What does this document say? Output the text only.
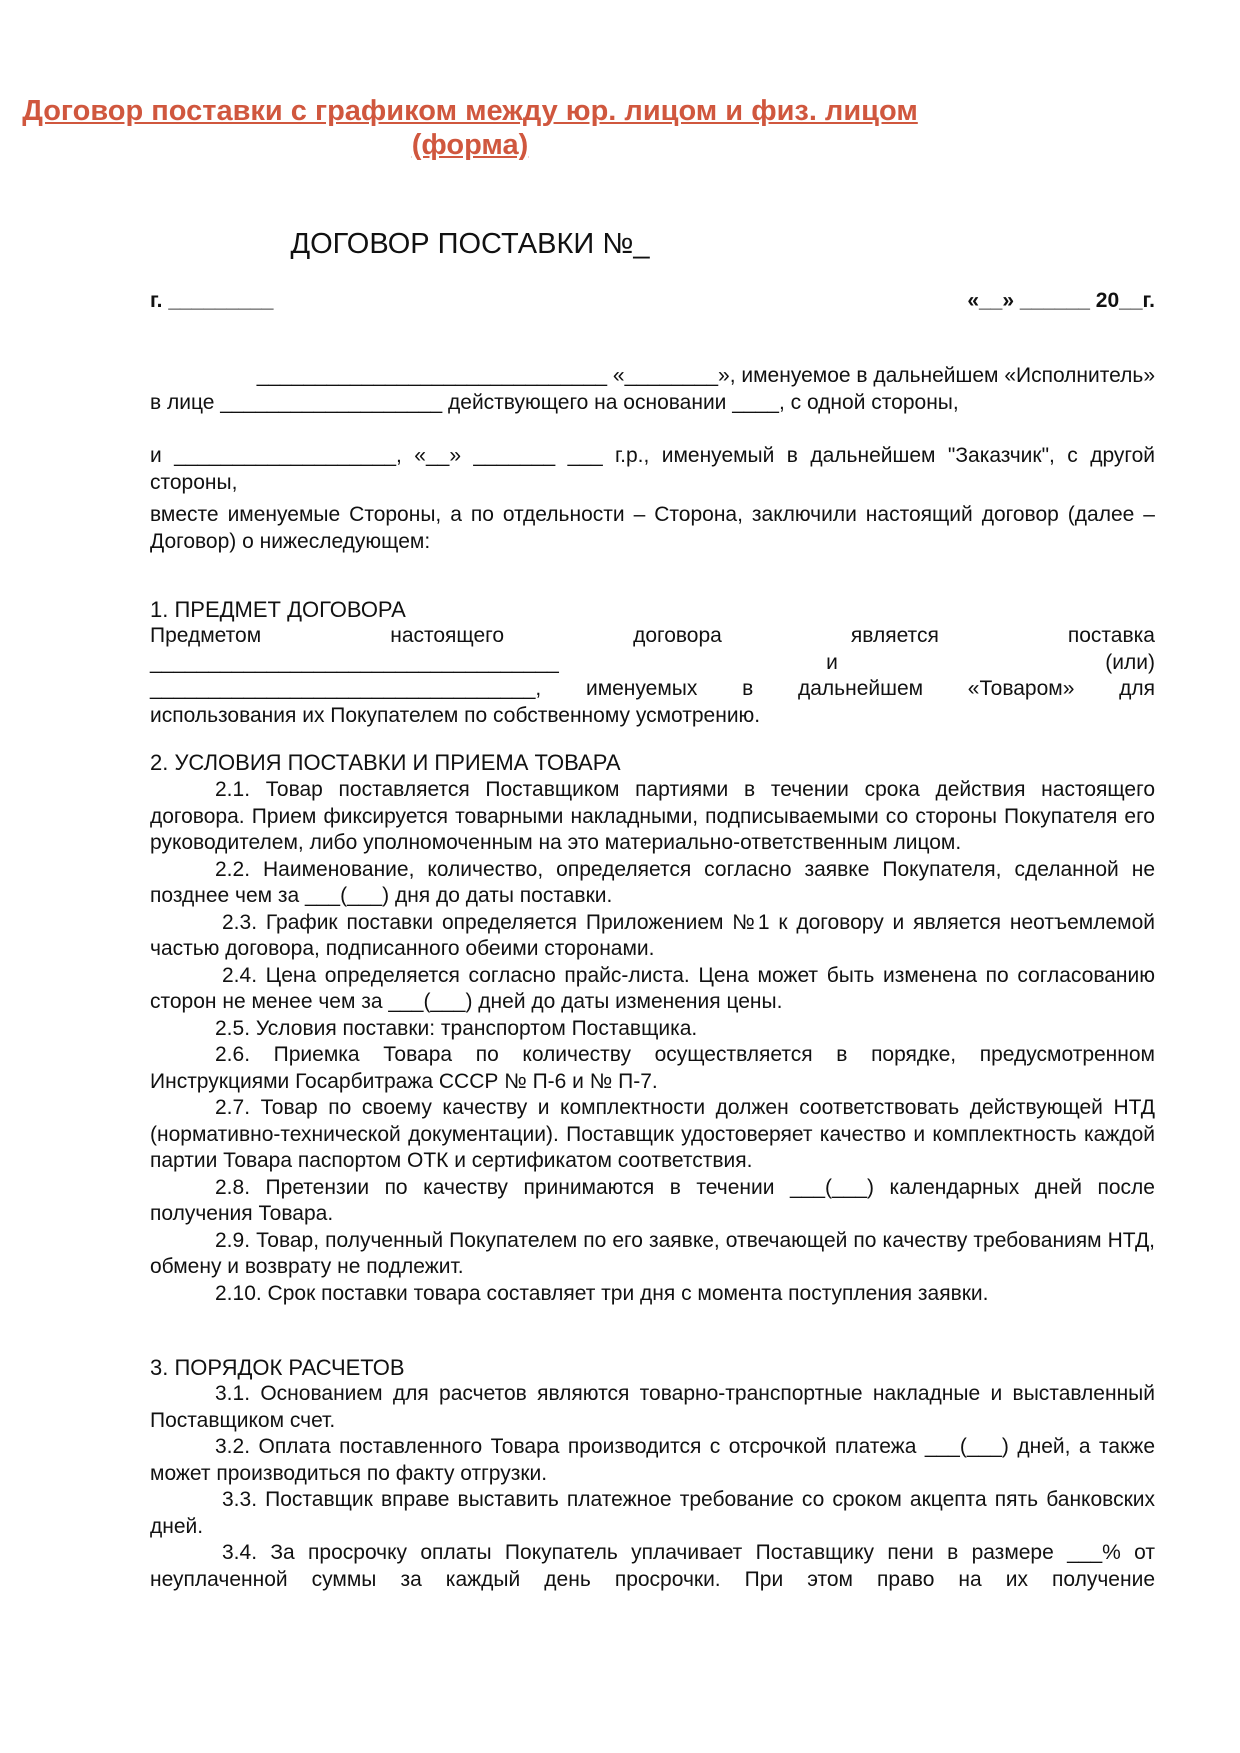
Договор поставки с графиком между юр. лицом и физ. лицом
(форма)
ДОГОВОР ПОСТАВКИ №_
г. _________	«__» ______ 20__г.
______________________________ «________», именуемое в дальнейшем «Исполнитель»
в лице ___________________ действующего на основании ____, с одной стороны,
и ___________________, «__» _______ ___ г.р., именуемый в дальнейшем "Заказчик", с другой стороны,
вместе именуемые Стороны, а по отдельности – Сторона, заключили настоящий договор (далее – Договор) о нижеследующем:
1. ПРЕДМЕТ ДОГОВОРА
Предметом	настоящего	договора	является	поставка
___________________________________	и	(или)
_________________________________, именуемых в дальнейшем «Товаром» для
использования их Покупателем по собственному усмотрению.
2. УСЛОВИЯ ПОСТАВКИ И ПРИЕМА ТОВАРА
2.1. Товар поставляется Поставщиком партиями в течении срока действия настоящего договора. Прием фиксируется товарными накладными, подписываемыми со стороны Покупателя его руководителем, либо уполномоченным на это материально-ответственным лицом.
2.2. Наименование, количество, определяется согласно заявке Покупателя, сделанной не позднее чем за ___(___) дня до даты поставки.
2.3. График поставки определяется Приложением №1 к договору и является неотъемлемой частью договора, подписанного обеими сторонами.
2.4. Цена определяется согласно прайс-листа. Цена может быть изменена по согласованию сторон не менее чем за ___(___) дней до даты изменения цены.
2.5. Условия поставки: транспортом Поставщика.
2.6. Приемка Товара по количеству осуществляется в порядке, предусмотренном Инструкциями Госарбитража СССР № П-6 и № П-7.
2.7. Товар по своему качеству и комплектности должен соответствовать действующей НТД (нормативно-технической документации). Поставщик удостоверяет качество и комплектность каждой партии Товара паспортом ОТК и сертификатом соответствия.
2.8. Претензии по качеству принимаются в течении ___(___) календарных дней после получения Товара.
2.9. Товар, полученный Покупателем по его заявке, отвечающей по качеству требованиям НТД, обмену и возврату не подлежит.
2.10. Срок поставки товара составляет три дня с момента поступления заявки.
3. ПОРЯДОК РАСЧЕТОВ
3.1. Основанием для расчетов являются товарно-транспортные накладные и выставленный Поставщиком счет.
3.2. Оплата поставленного Товара производится с отсрочкой платежа ___(___) дней, а также может производиться по факту отгрузки.
3.3. Поставщик вправе выставить платежное требование со сроком акцепта пять банковских дней.
3.4. За просрочку оплаты Покупатель уплачивает Поставщику пени в размере ___% от неуплаченной суммы за каждый день просрочки. При этом право на их получение
